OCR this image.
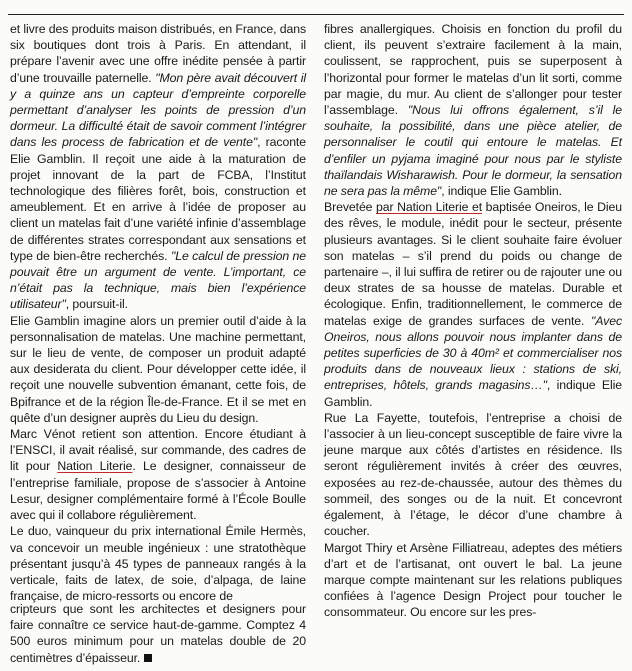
et livre des produits maison distribués, en France, dans six boutiques dont trois à Paris. En attendant, il prépare l’avenir avec une offre inédite pensée à partir d’une trouvaille paternelle. "Mon père avait découvert il y a quinze ans un capteur d’empreinte corporelle permettant d’analyser les points de pression d’un dormeur. La difficulté était de savoir comment l’intégrer dans les process de fabrication et de vente", raconte Elie Gamblin. Il reçoit une aide à la maturation de projet innovant de la part de FCBA, l’Institut technologique des filières forêt, bois, construction et ameublement. Et en arrive à l’idée de proposer au client un matelas fait d’une variété infinie d’assemblage de différentes strates correspondant aux sensations et type de bien-être recherchés. "Le calcul de pression ne pouvait être un argument de vente. L’important, ce n’était pas la technique, mais bien l’expérience utilisateur", poursuit-il.

Elie Gamblin imagine alors un premier outil d’aide à la personnalisation de matelas. Une machine permettant, sur le lieu de vente, de composer un produit adapté aux desiderata du client. Pour développer cette idée, il reçoit une nouvelle subvention émanant, cette fois, de Bpifrance et de la région Île-de-France. Et il se met en quête d’un designer auprès du Lieu du design.

Marc Vénot retient son attention. Encore étudiant à l’ENSCI, il avait réalisé, sur commande, des cadres de lit pour Nation Literie. Le designer, connaisseur de l’entreprise familiale, propose de s’associer à Antoine Lesur, designer complémentaire formé à l’École Boulle avec qui il collabore régulièrement.

Le duo, vainqueur du prix international Émile Hermès, va concevoir un meuble ingénieux : une stratothèque présentant jusqu’à 45 types de panneaux rangés à la verticale, faits de latex, de soie, d’alpaga, de laine française, de micro-ressorts ou encore de

fibres anallergiques. Choisis en fonction du profil du client, ils peuvent s’extraire facilement à la main, coulissent, se rapprochent, puis se superposent à l’horizontal pour former le matelas d’un lit sorti, comme par magie, du mur. Au client de s’allonger pour tester l’assemblage. "Nous lui offrons également, s’il le souhaite, la possibilité, dans une pièce atelier, de personnaliser le coutil qui entoure le matelas. Et d’enfiler un pyjama imaginé pour nous par le styliste thaïlandais Wisharawish. Pour le dormeur, la sensation ne sera pas la même", indique Elie Gamblin.

Brevetée par Nation Literie et baptisée Oneiros, le Dieu des rêves, le module, inédit pour le secteur, présente plusieurs avantages. Si le client souhaite faire évoluer son matelas – s’il prend du poids ou change de partenaire –, il lui suffira de retirer ou de rajouter une ou deux strates de sa housse de matelas. Durable et écologique. Enfin, traditionnellement, le commerce de matelas exige de grandes surfaces de vente. "Avec Oneiros, nous allons pouvoir nous implanter dans de petites superficies de 30 à 40m² et commercialiser nos produits dans de nouveaux lieux : stations de ski, entreprises, hôtels, grands magasins…", indique Elie Gamblin.

Rue La Fayette, toutefois, l’entreprise a choisi de l’associer à un lieu-concept susceptible de faire vivre la jeune marque aux côtés d’artistes en résidence. Ils seront régulièrement invités à créer des œuvres, exposées au rez-de-chaussée, autour des thèmes du sommeil, des songes ou de la nuit. Et concevront également, à l’étage, le décor d’une chambre à coucher.

Margot Thiry et Arsène Filliatreau, adeptes des métiers d’art et de l’artisanat, ont ouvert le bal. La jeune marque compte maintenant sur les relations publiques confiées à l’agence Design Project pour toucher le consommateur. Ou encore sur les pres-

cripteurs que sont les architectes et designers pour faire connaître ce service haut-de-gamme. Comptez 4 500 euros minimum pour un matelas double de 20 centimètres d’épaisseur.
